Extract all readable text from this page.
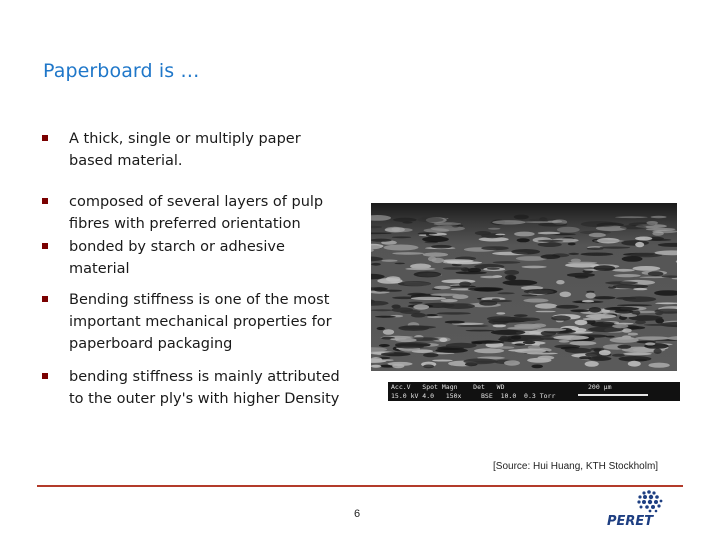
Paperboard is …
A thick, single or multiply paper based material.
composed of several layers of pulp fibres with preferred orientation
bonded by starch or adhesive material
Bending stiffness is one of the most important mechanical properties for paperboard packaging
bending stiffness is mainly attributed to the outer ply's with higher Density
Acc.V   Spot Magn    Det   WD
15.0 kV 4.0   150x     BSE  10.0  0.3 Torr
200 µm
[Source: Hui Huang, KTH Stockholm]
6	PERET
